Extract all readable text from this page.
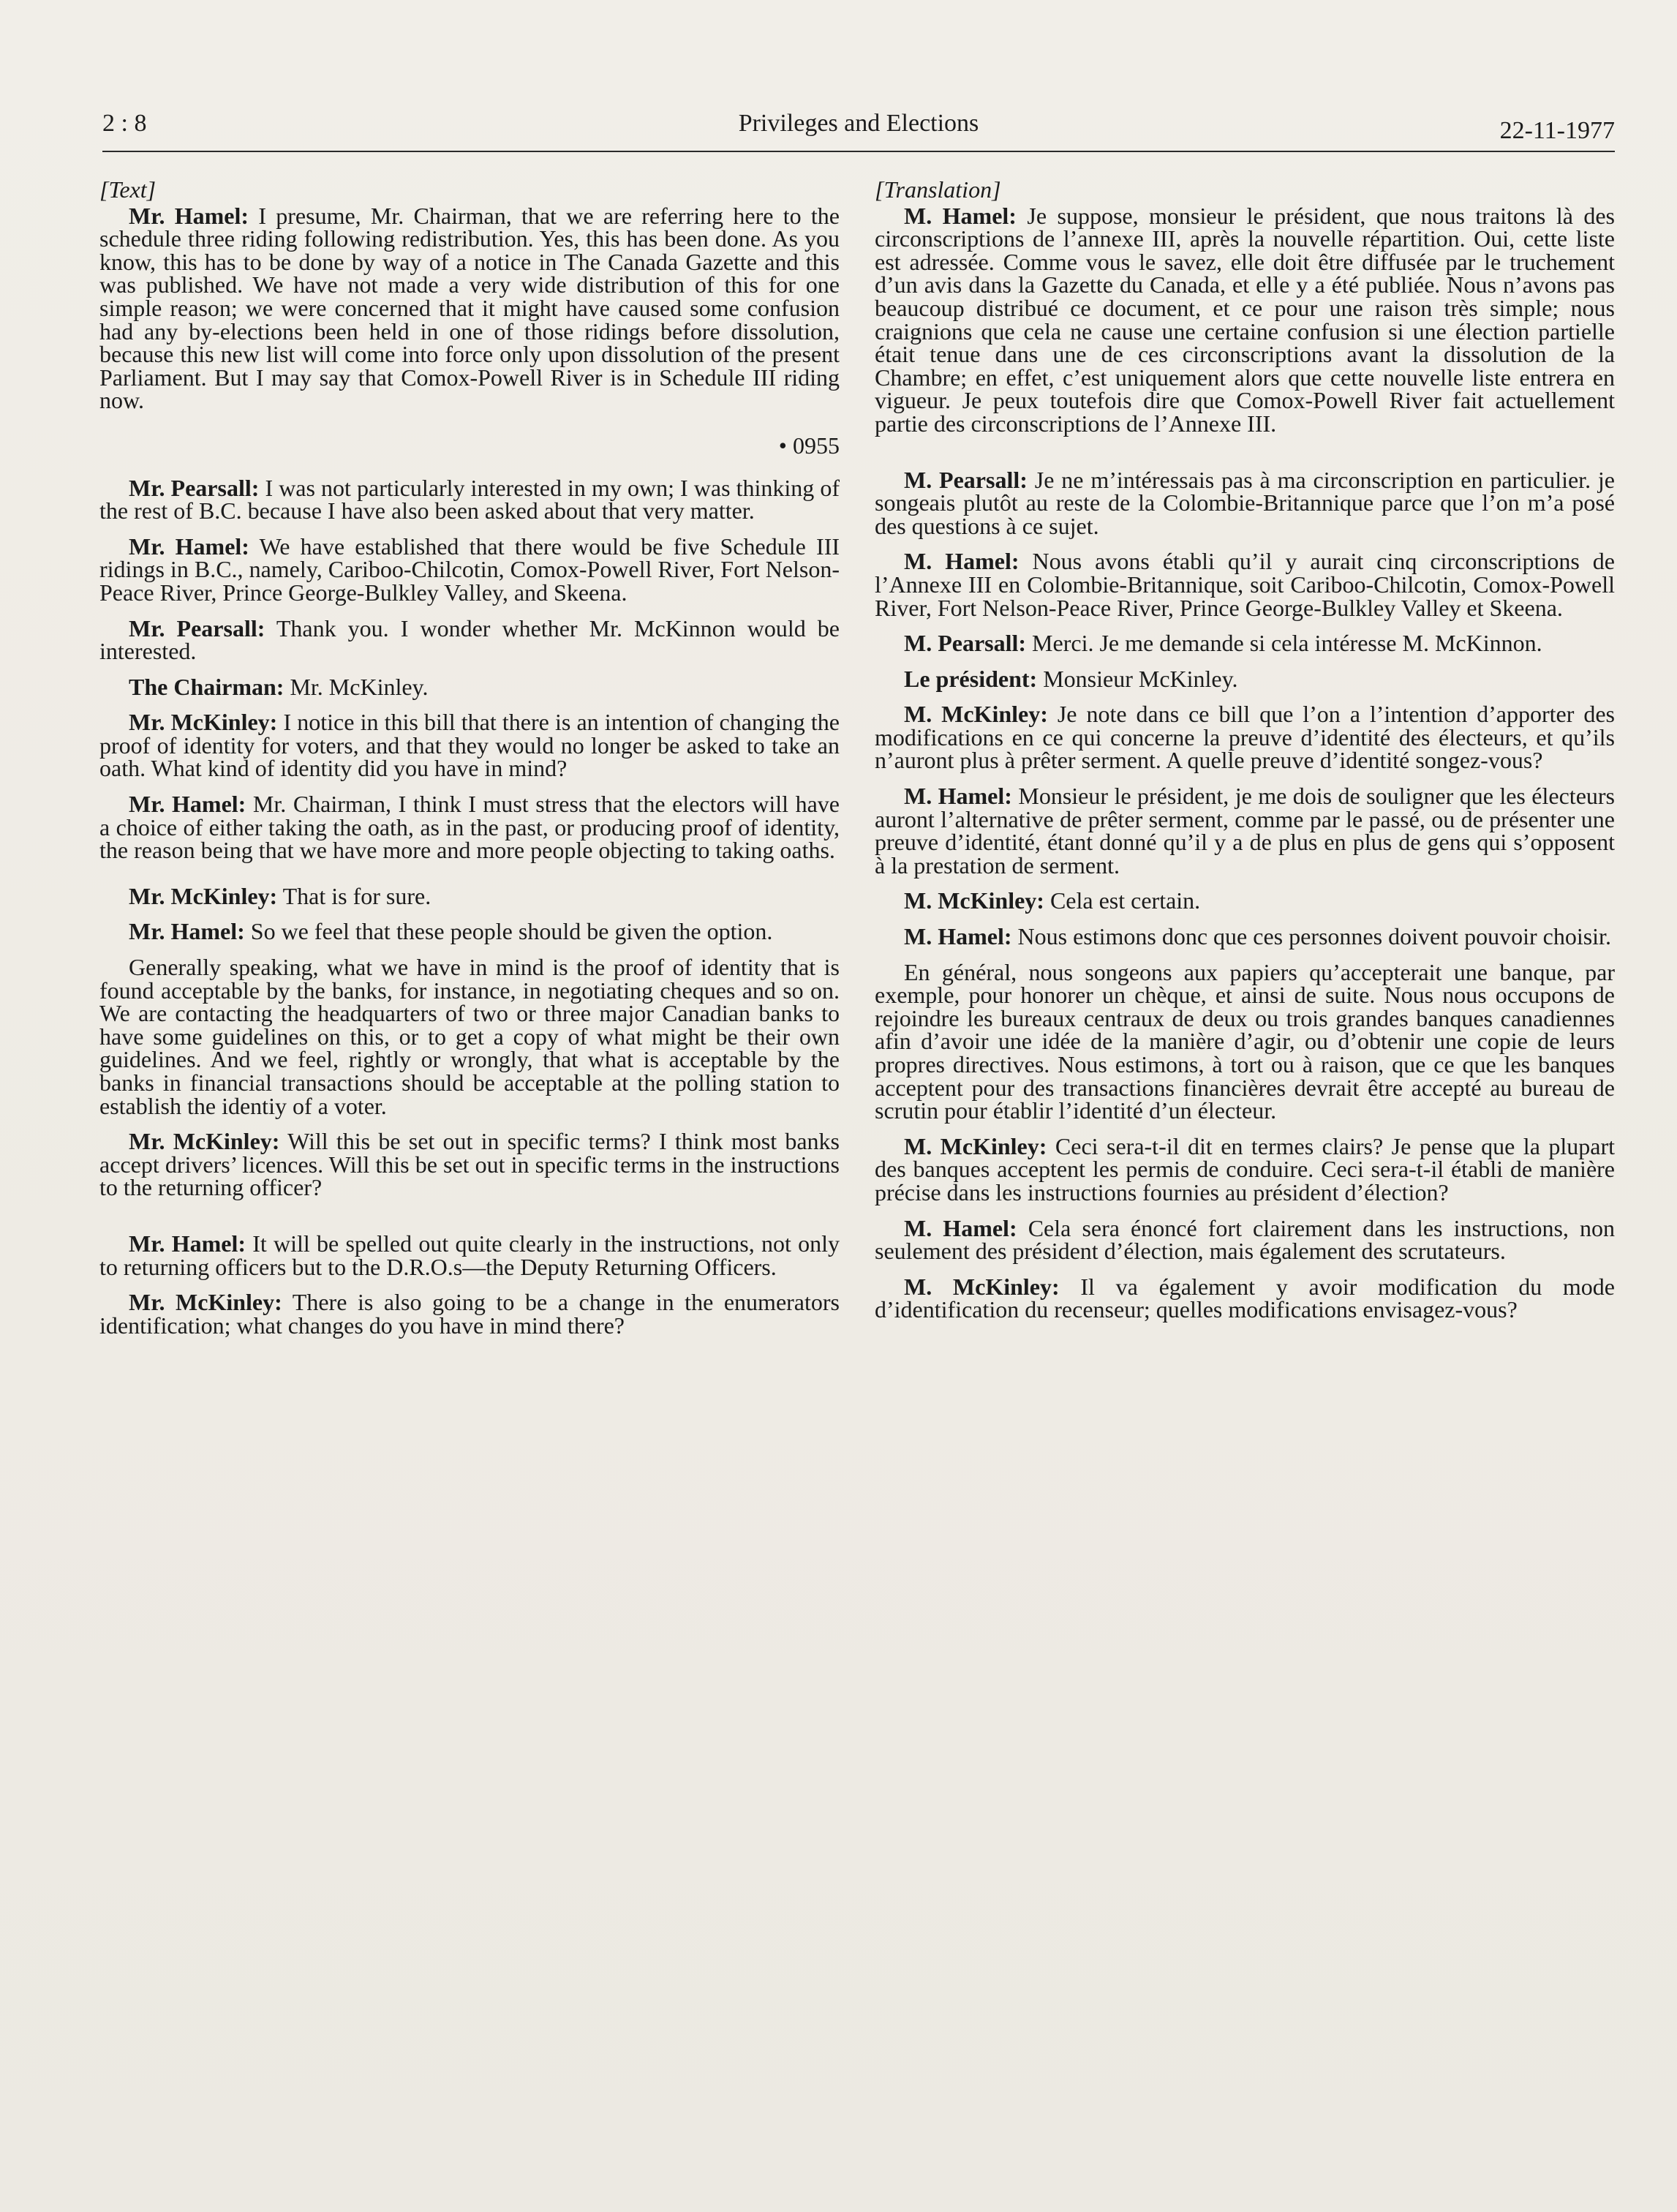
2 : 8	Privileges and Elections	22-11-1977
[Text]

Mr. Hamel: I presume, Mr. Chairman, that we are referring here to the schedule three riding following redistribution. Yes, this has been done. As you know, this has to be done by way of a notice in The Canada Gazette and this was published. We have not made a very wide distribution of this for one simple reason; we were concerned that it might have caused some confusion had any by-elections been held in one of those ridings before dissolution, because this new list will come into force only upon dissolution of the present Parliament. But I may say that Comox-Powell River is in Schedule III riding now.

• 0955

Mr. Pearsall: I was not particularly interested in my own; I was thinking of the rest of B.C. because I have also been asked about that very matter.

Mr. Hamel: We have established that there would be five Schedule III ridings in B.C., namely, Cariboo-Chilcotin, Comox-Powell River, Fort Nelson-Peace River, Prince George-Bulkley Valley, and Skeena.

Mr. Pearsall: Thank you. I wonder whether Mr. McKinnon would be interested.

The Chairman: Mr. McKinley.

Mr. McKinley: I notice in this bill that there is an intention of changing the proof of identity for voters, and that they would no longer be asked to take an oath. What kind of identity did you have in mind?

Mr. Hamel: Mr. Chairman, I think I must stress that the electors will have a choice of either taking the oath, as in the past, or producing proof of identity, the reason being that we have more and more people objecting to taking oaths.

Mr. McKinley: That is for sure.

Mr. Hamel: So we feel that these people should be given the option.

Generally speaking, what we have in mind is the proof of identity that is found acceptable by the banks, for instance, in negotiating cheques and so on. We are contacting the headquarters of two or three major Canadian banks to have some guidelines on this, or to get a copy of what might be their own guidelines. And we feel, rightly or wrongly, that what is acceptable by the banks in financial transactions should be acceptable at the polling station to establish the identiy of a voter.

Mr. McKinley: Will this be set out in specific terms? I think most banks accept drivers’ licences. Will this be set out in specific terms in the instructions to the returning officer?

Mr. Hamel: It will be spelled out quite clearly in the instructions, not only to returning officers but to the D.R.O.s—the Deputy Returning Officers.

Mr. McKinley: There is also going to be a change in the enumerators identification; what changes do you have in mind there?

[Translation]

M. Hamel: Je suppose, monsieur le président, que nous traitons là des circonscriptions de l’annexe III, après la nouvelle répartition. Oui, cette liste est adressée. Comme vous le savez, elle doit être diffusée par le truchement d’un avis dans la Gazette du Canada, et elle y a été publiée. Nous n’avons pas beaucoup distribué ce document, et ce pour une raison très simple; nous craignions que cela ne cause une certaine confusion si une élection partielle était tenue dans une de ces circonscriptions avant la dissolution de la Chambre; en effet, c’est uniquement alors que cette nouvelle liste entrera en vigueur. Je peux toutefois dire que Comox-Powell River fait actuellement partie des circonscriptions de l’Annexe III.

M. Pearsall: Je ne m’intéressais pas à ma circonscription en particulier. je songeais plutôt au reste de la Colombie-Britannique parce que l’on m’a posé des questions à ce sujet.

M. Hamel: Nous avons établi qu’il y aurait cinq circonscriptions de l’Annexe III en Colombie-Britannique, soit Cariboo-Chilcotin, Comox-Powell River, Fort Nelson-Peace River, Prince George-Bulkley Valley et Skeena.

M. Pearsall: Merci. Je me demande si cela intéresse M. McKinnon.

Le président: Monsieur McKinley.

M. McKinley: Je note dans ce bill que l’on a l’intention d’apporter des modifications en ce qui concerne la preuve d’identité des électeurs, et qu’ils n’auront plus à prêter serment. A quelle preuve d’identité songez-vous?

M. Hamel: Monsieur le président, je me dois de souligner que les électeurs auront l’alternative de prêter serment, comme par le passé, ou de présenter une preuve d’identité, étant donné qu’il y a de plus en plus de gens qui s’opposent à la prestation de serment.

M. McKinley: Cela est certain.

M. Hamel: Nous estimons donc que ces personnes doivent pouvoir choisir.

En général, nous songeons aux papiers qu’accepterait une banque, par exemple, pour honorer un chèque, et ainsi de suite. Nous nous occupons de rejoindre les bureaux centraux de deux ou trois grandes banques canadiennes afin d’avoir une idée de la manière d’agir, ou d’obtenir une copie de leurs propres directives. Nous estimons, à tort ou à raison, que ce que les banques acceptent pour des transactions financières devrait être accepté au bureau de scrutin pour établir l’identité d’un électeur.

M. McKinley: Ceci sera-t-il dit en termes clairs? Je pense que la plupart des banques acceptent les permis de conduire. Ceci sera-t-il établi de manière précise dans les instructions fournies au président d’élection?

M. Hamel: Cela sera énoncé fort clairement dans les instructions, non seulement des président d’élection, mais également des scrutateurs.

M. McKinley: Il va également y avoir modification du mode d’identification du recenseur; quelles modifications envisagez-vous?
